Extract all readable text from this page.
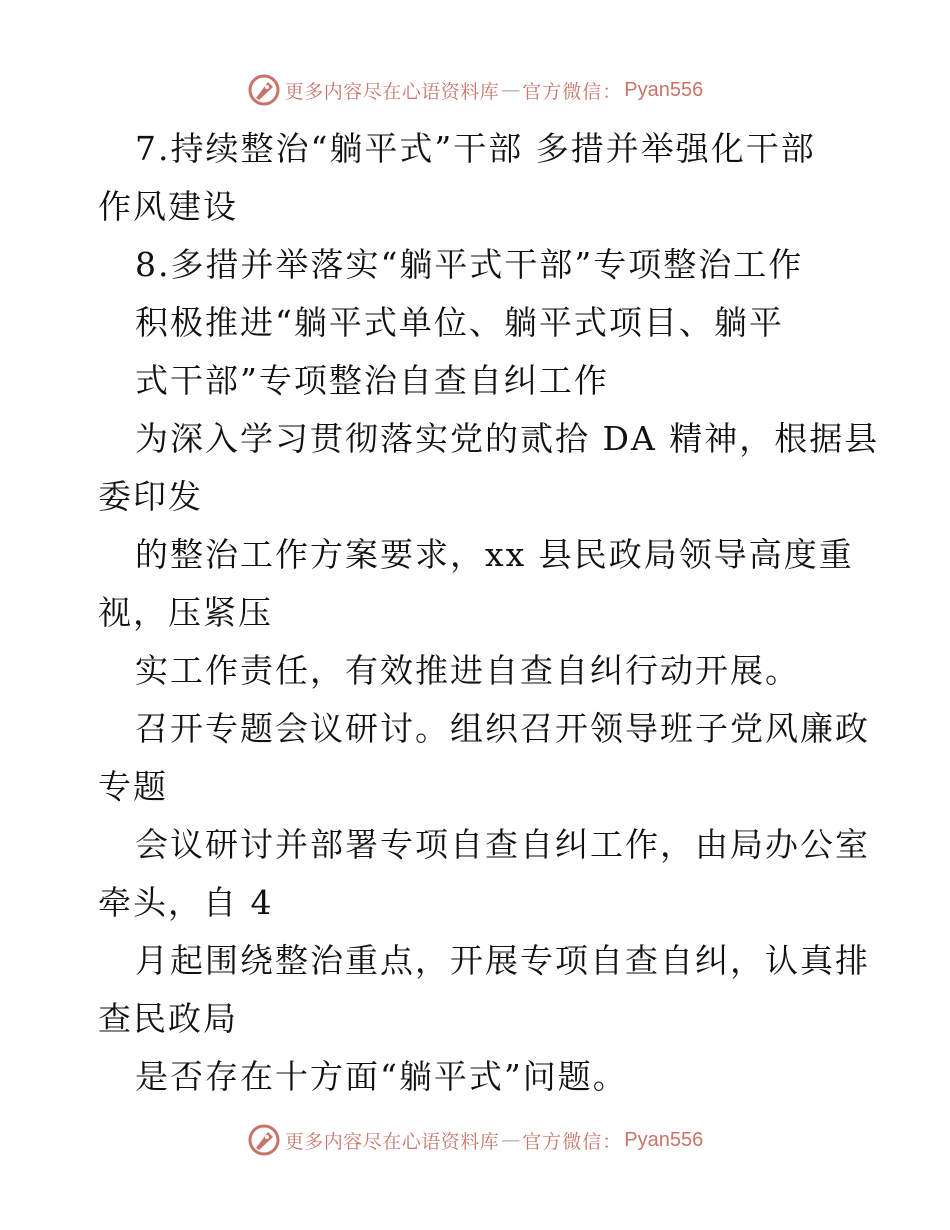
更多内容尽在心语资料库 — 官方微信： Pyan556
7.持续整治“躺平式”干部 多措并举强化干部
作风建设
8.多措并举落实“躺平式干部”专项整治工作
积极推进“躺平式单位、躺平式项目、躺平
式干部”专项整治自查自纠工作
为深入学习贯彻落实党的贰拾 DA 精神，根据县
委印发
的整治工作方案要求，xx 县民政局领导高度重
视，压紧压
实工作责任，有效推进自查自纠行动开展。
召开专题会议研讨。组织召开领导班子党风廉政
专题
会议研讨并部署专项自查自纠工作，由局办公室
牵头，自 4
月起围绕整治重点，开展专项自查自纠，认真排
查民政局
是否存在十方面“躺平式”问题。
更多内容尽在心语资料库 — 官方微信： Pyan556
